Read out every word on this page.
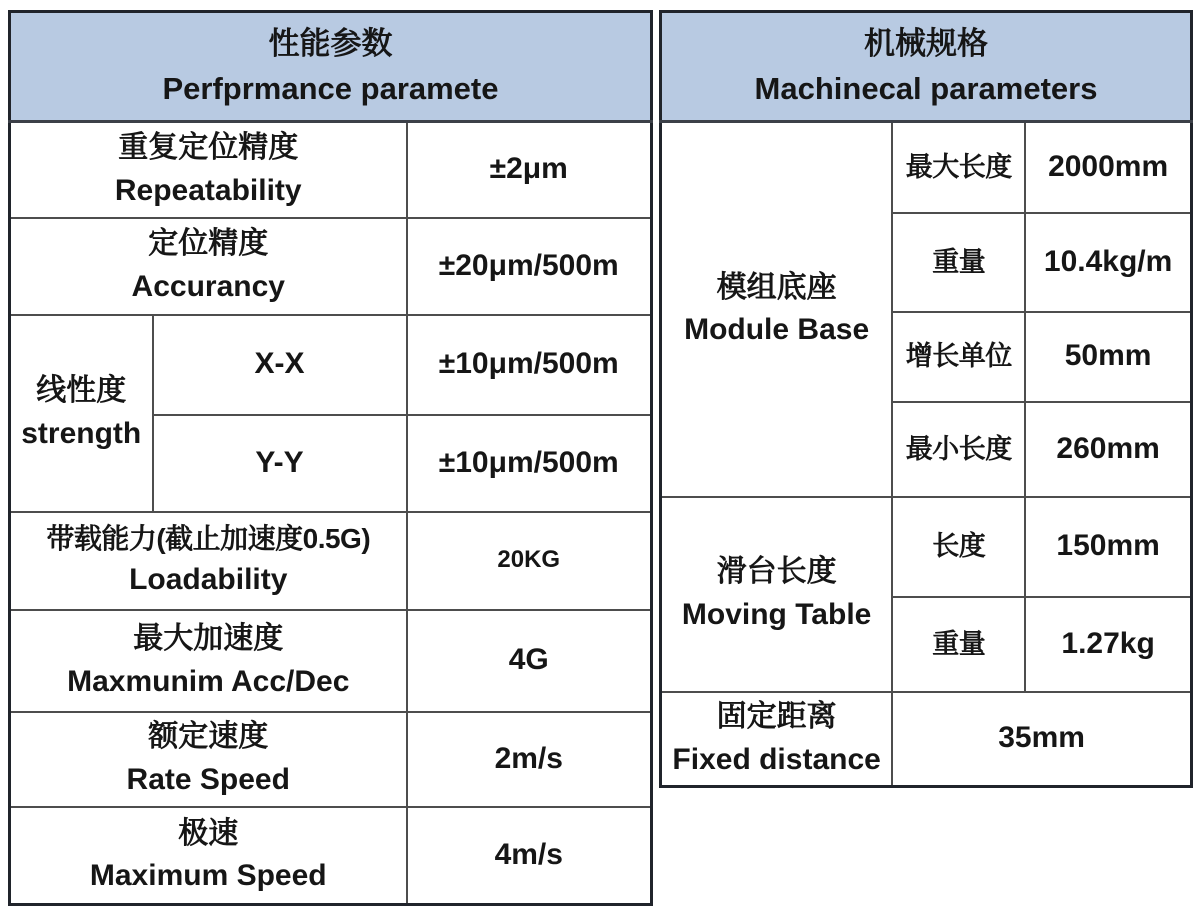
性能参数
Perfprmance paramete		

重复定位精度
Repeatability		±2μm

定位精度
Accurancy		±20μm/500m

线性度
strength	X-X	±10μm/500m
	Y-Y	±10μm/500m

带载能力(截止加速度0.5G)
Loadability		20KG

最大加速度
Maxmunim Acc/Dec		4G

额定速度
Rate Speed		2m/s

极速
Maximum Speed		4m/s
机械规格
Machinecal parameters		

模组底座
Module Base	最大长度	2000mm
	重量	10.4kg/m
	增长单位	50mm
	最小长度	260mm

滑台长度
Moving Table	长度	150mm
	重量	1.27kg

固定距离
Fixed distance	35mm	
